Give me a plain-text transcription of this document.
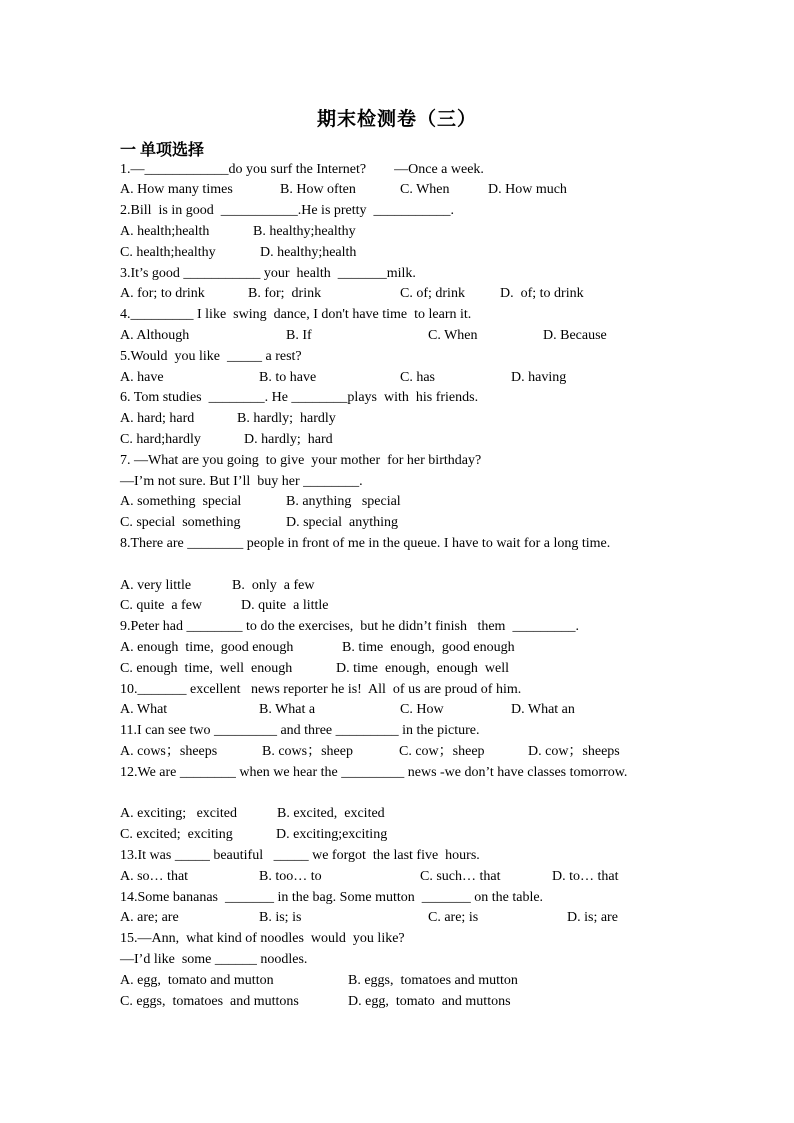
期末检测卷（三）
一 单项选择
1.—____________do you surf the Internet?        —Once a week.
A. How many times	B. How often	C. When	D. How much
2.Bill  is in good  ___________.He is pretty  ___________.
A. health;health	B. healthy;healthy
C. health;healthy	D. healthy;health
3.It’s good ___________ your  health  _______milk.
A. for; to drink	B. for;  drink	C. of; drink	D.  of; to drink
4._________ I like  swing  dance, I don't have time  to learn it.
A. Although	B. If	C. When	D. Because
5.Would  you like  _____ a rest?
A. have	B. to have	C. has	D. having
6. Tom studies  ________. He ________plays  with  his friends.
A. hard; hard	B. hardly;  hardly
C. hard;hardly	D. hardly;  hard
7. —What are you going  to give  your mother  for her birthday?
—I’m not sure. But I’ll  buy her ________.
A. something  special	B. anything   special
C. special  something	D. special  anything
8.There are ________ people in front of me in the queue. I have to wait for a long time.
A. very little	B.  only  a few
C. quite  a few	D. quite  a little
9.Peter had ________ to do the exercises,  but he didn’t finish   them  _________.
A. enough  time,  good enough	B. time  enough,  good enough
C. enough  time,  well  enough	D. time  enough,  enough  well
10._______ excellent   news reporter he is!  All  of us are proud of him.
A. What	B. What a	C. How	D. What an
11.I can see two _________ and three _________ in the picture.
A. cows；sheeps	B. cows；sheep	C. cow；sheep	D. cow；sheeps
12.We are ________ when we hear the _________ news -we don’t have classes tomorrow.
A. exciting;   excited	B. excited,  excited
C. excited;  exciting	D. exciting;exciting
13.It was _____ beautiful   _____ we forgot  the last five  hours.
A. so… that	B. too… to	C. such… that	D. to… that
14.Some bananas  _______ in the bag. Some mutton  _______ on the table.
A. are; are	B. is; is	C. are; is	D. is; are
15.—Ann,  what kind of noodles  would  you like?
—I’d like  some ______ noodles.
A. egg,  tomato and mutton	B. eggs,  tomatoes and mutton
C. eggs,  tomatoes  and muttons	D. egg,  tomato  and muttons
